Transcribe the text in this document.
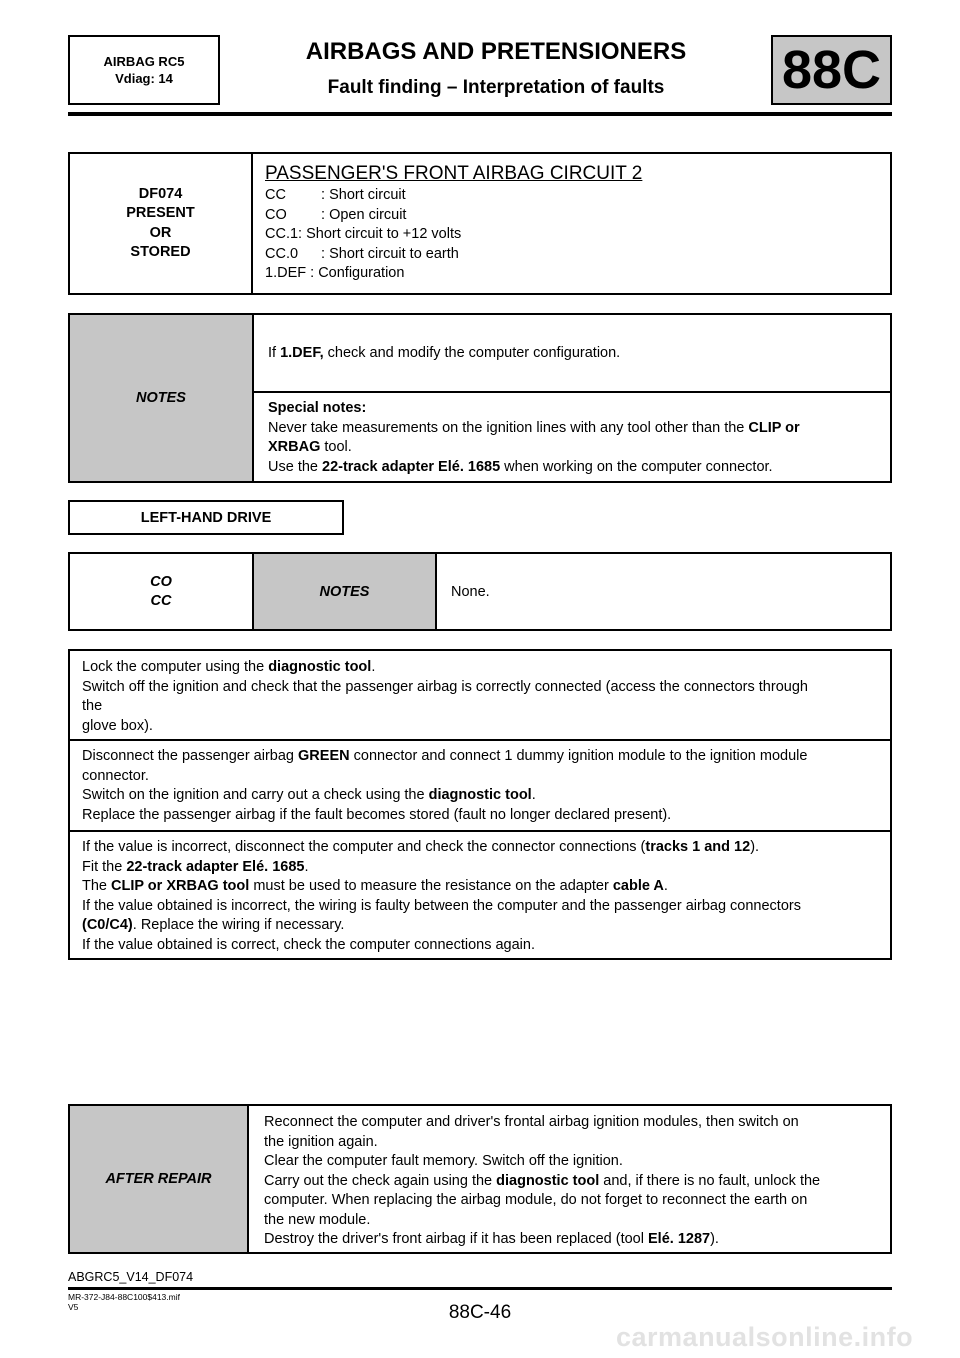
AIRBAG RC5
Vdiag: 14
AIRBAGS AND PRETENSIONERS
Fault finding – Interpretation of faults	88C
DF074
PRESENT
OR
STORED
PASSENGER'S FRONT AIRBAG CIRCUIT 2
CC : Short circuit
CO : Open circuit
CC.1: Short circuit to +12 volts
CC.0 : Short circuit to earth
1.DEF : Configuration
NOTES
If 1.DEF, check and modify the computer configuration.
Special notes:
Never take measurements on the ignition lines with any tool other than the CLIP or
XRBAG tool.
Use the 22-track adapter Elé. 1685 when working on the computer connector.
LEFT-HAND DRIVE
CO
CC
NOTES	None.
Lock the computer using the diagnostic tool.
Switch off the ignition and check that the passenger airbag is correctly connected (access the connectors through
the
glove box).
Disconnect the passenger airbag GREEN connector and connect 1 dummy ignition module to the ignition module
connector.
Switch on the ignition and carry out a check using the diagnostic tool.
Replace the passenger airbag if the fault becomes stored (fault no longer declared present).
If the value is incorrect, disconnect the computer and check the connector connections (tracks 1 and 12).
Fit the 22-track adapter Elé. 1685.
The CLIP or XRBAG tool must be used to measure the resistance on the adapter cable A.
If the value obtained is incorrect, the wiring is faulty between the computer and the passenger airbag connectors
(C0/C4). Replace the wiring if necessary.
If the value obtained is correct, check the computer connections again.
AFTER REPAIR
Reconnect the computer and driver's frontal airbag ignition modules, then switch on
the ignition again.
Clear the computer fault memory. Switch off the ignition.
Carry out the check again using the diagnostic tool and, if there is no fault, unlock the
computer. When replacing the airbag module, do not forget to reconnect the earth on
the new module.
Destroy the driver's front airbag if it has been replaced (tool Elé. 1287).
ABGRC5_V14_DF074
MR-372-J84-88C100$413.mif
V5	88C-46
carmanualsonline.info
